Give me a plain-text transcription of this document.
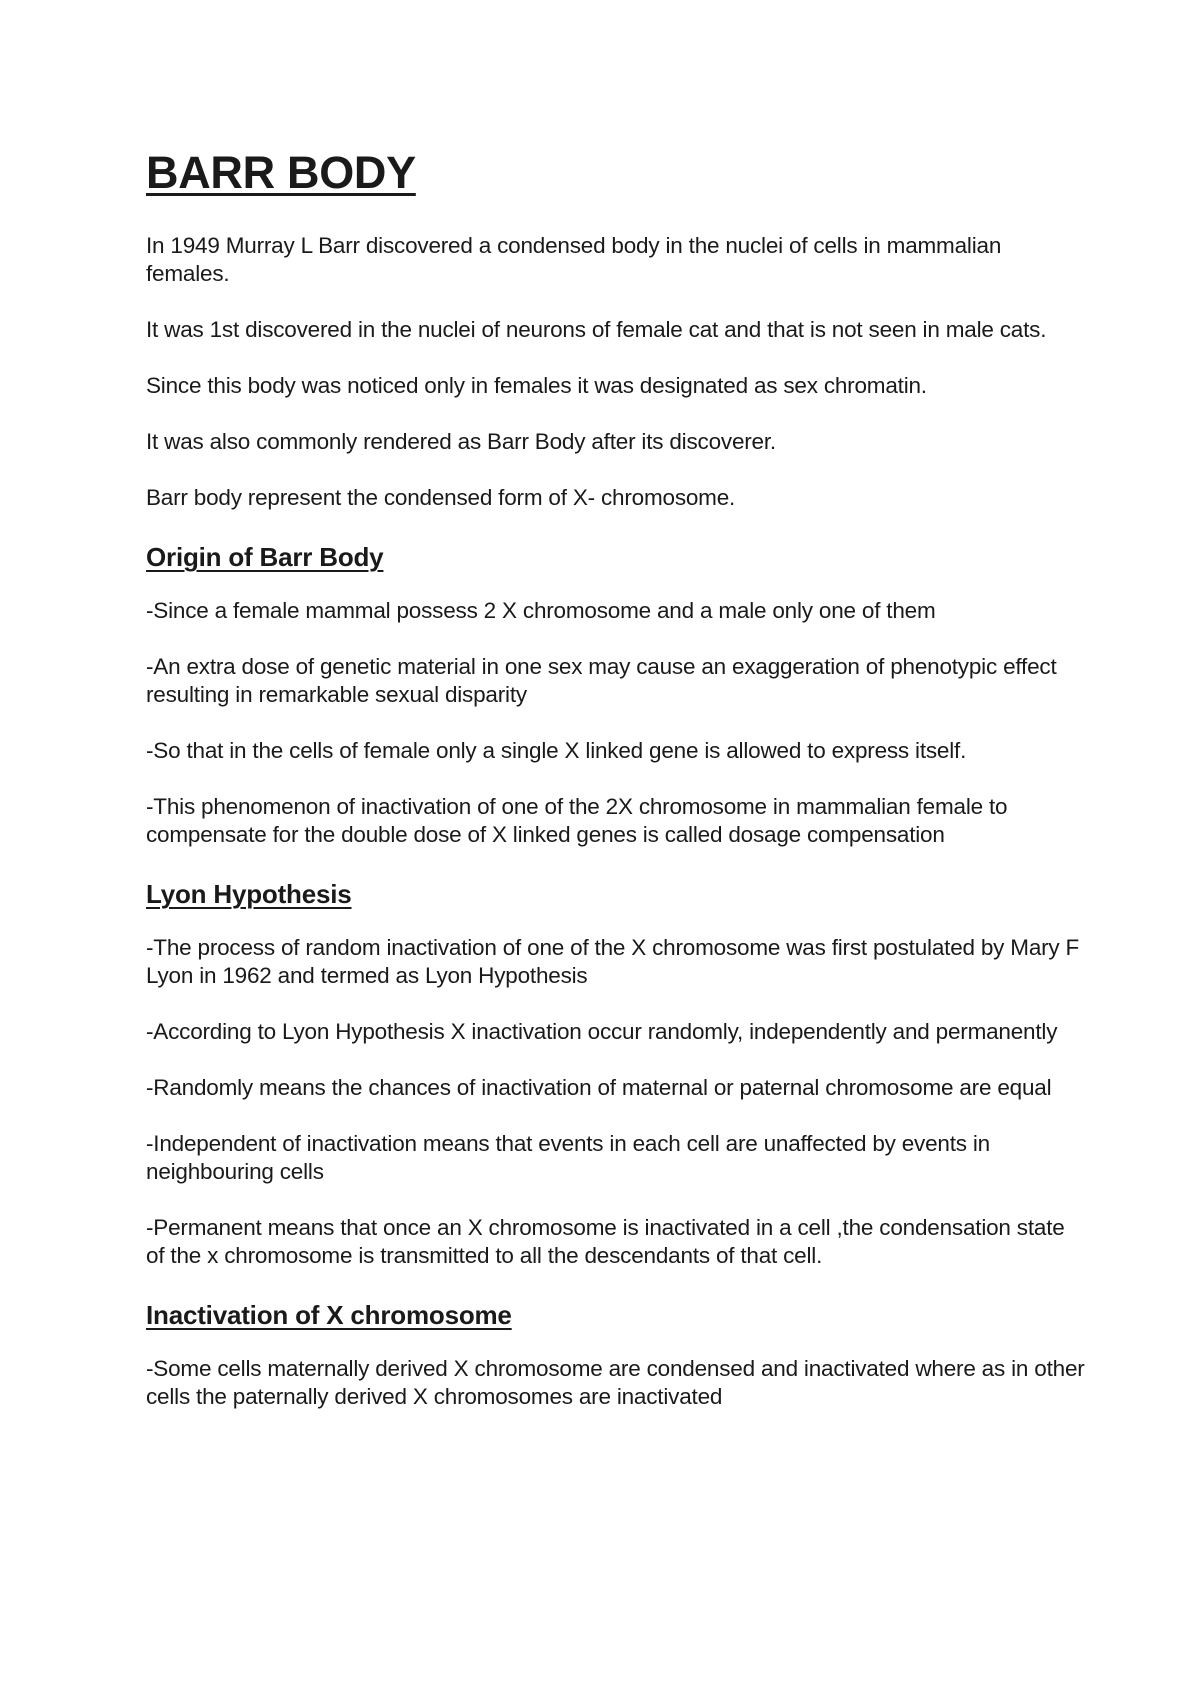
BARR BODY

In 1949 Murray L Barr discovered a condensed body in the nuclei of cells in mammalian females.

It was 1st discovered in the nuclei of neurons of female cat and that is not seen in male cats.

Since this body was noticed only in females it was designated as sex chromatin.

It was also commonly rendered as Barr Body after its discoverer.

Barr body represent the condensed form of X- chromosome.

Origin of Barr Body

-Since a female mammal possess 2 X chromosome and a male only one of them

-An extra dose of genetic material in one sex may cause an exaggeration of phenotypic effect resulting in remarkable sexual disparity

-So that in the cells of female only a single X linked gene is allowed to express itself.

-This phenomenon of inactivation of one of the 2X chromosome in mammalian female to compensate for the double dose of X linked genes is called dosage compensation

Lyon Hypothesis

-The process of random inactivation of one of the X chromosome was first postulated by Mary F Lyon in 1962 and termed as Lyon Hypothesis

-According to Lyon Hypothesis X inactivation occur randomly, independently and permanently

-Randomly means the chances of inactivation of maternal or paternal chromosome are equal

-Independent of inactivation means that events in each cell are unaffected by events in neighbouring cells

-Permanent means that once an X chromosome is inactivated in a cell ,the condensation state of the x chromosome is transmitted to all the descendants of that cell.

Inactivation of X chromosome

-Some cells maternally derived X chromosome are condensed and inactivated where as in other cells the paternally derived X chromosomes are inactivated
